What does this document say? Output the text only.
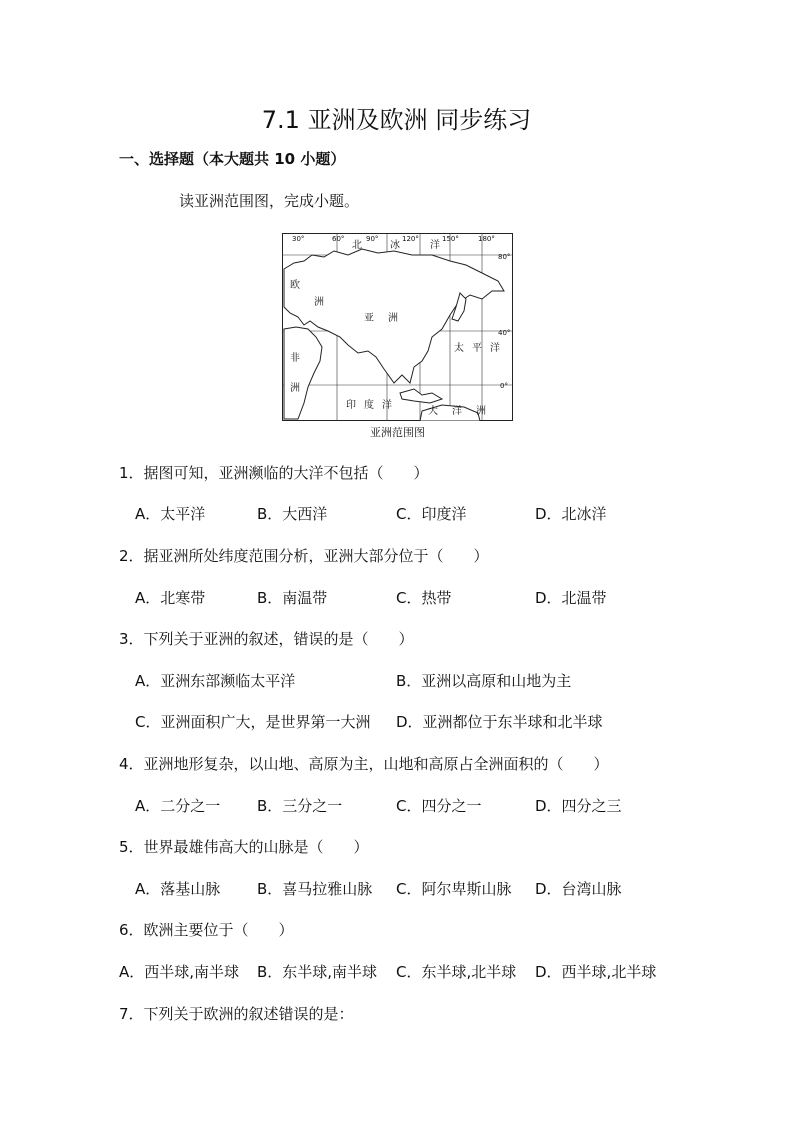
7.1 亚洲及欧洲 同步练习
一、选择题（本大题共 10 小题）
读亚洲范围图，完成小题。
30°	60°	90°	120°	150°	180°
80°
40°
0°
北	冰	洋
欧
洲
亚 洲
非
洲
太 平 洋
印 度 洋
大 洋 洲
亚洲范围图
1．据图可知，亚洲濒临的大洋不包括（　　）
A．太平洋	B．大西洋	C．印度洋	D．北冰洋
2．据亚洲所处纬度范围分析，亚洲大部分位于（　　）
A．北寒带	B．南温带	C．热带	D．北温带
3．下列关于亚洲的叙述，错误的是（　　）
A．亚洲东部濒临太平洋	B．亚洲以高原和山地为主
C．亚洲面积广大，是世界第一大洲 D．亚洲都位于东半球和北半球
4．亚洲地形复杂，以山地、高原为主，山地和高原占全洲面积的（　　）
A．二分之一 B．三分之一	C．四分之一	D．四分之三
5．世界最雄伟高大的山脉是（　　）
A．落基山脉 B．喜马拉雅山脉 C．阿尔卑斯山脉 D．台湾山脉
6．欧洲主要位于（　　）
A．西半球,南半球 B．东半球,南半球 C．东半球,北半球 D．西半球,北半球
7．下列关于欧洲的叙述错误的是：
